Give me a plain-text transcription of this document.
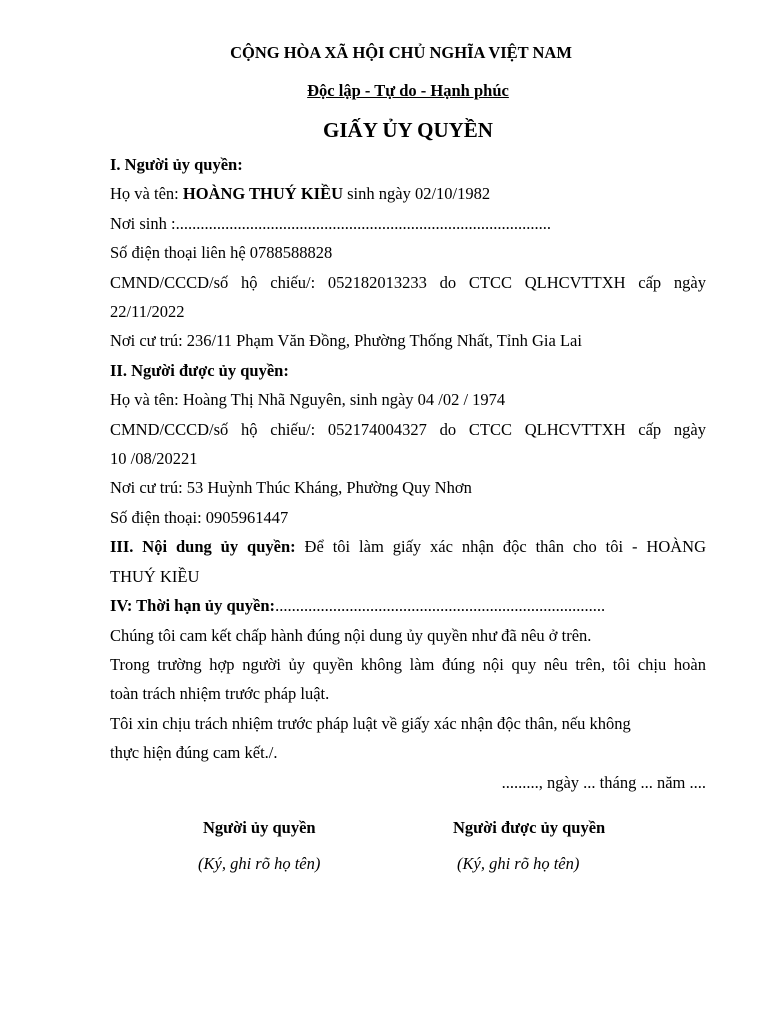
CỘNG HÒA XÃ HỘI CHỦ NGHĨA VIỆT NAM
Độc lập - Tự do - Hạnh phúc
GIẤY ỦY QUYỀN
I. Người ủy quyền:
Họ và tên: HOÀNG THUÝ KIỀU sinh ngày 02/10/1982
Nơi sinh :...........................................................................................
Số điện thoại liên hệ 0788588828
CMND/CCCD/số hộ chiếu/: 052182013233 do CTCC QLHCVTTXH cấp ngày
22/11/2022
Nơi cư trú: 236/11 Phạm Văn Đồng, Phường Thống Nhất, Tỉnh Gia Lai
II. Người được ủy quyền:
Họ và tên: Hoàng Thị Nhã Nguyên, sinh ngày 04 /02 / 1974
CMND/CCCD/số hộ chiếu/: 052174004327 do CTCC QLHCVTTXH cấp ngày
10 /08/20221
Nơi cư trú: 53 Huỳnh Thúc Kháng, Phường Quy Nhơn
Số điện thoại: 0905961447
III. Nội dung ủy quyền: Để tôi làm giấy xác nhận độc thân cho tôi - HOÀNG
THUÝ KIỀU
IV: Thời hạn ủy quyền:................................................................................
Chúng tôi cam kết chấp hành đúng nội dung ủy quyền như đã nêu ở trên.
Trong trường hợp người ủy quyền không làm đúng nội quy nêu trên, tôi chịu hoàn
toàn trách nhiệm trước pháp luật.
Tôi xin chịu trách nhiệm trước pháp luật về giấy xác nhận độc thân, nếu không
thực hiện đúng cam kết./.
........., ngày ... tháng ... năm ....
Người ủy quyền	Người được ủy quyền
(Ký, ghi rõ họ tên)	(Ký, ghi rõ họ tên)
